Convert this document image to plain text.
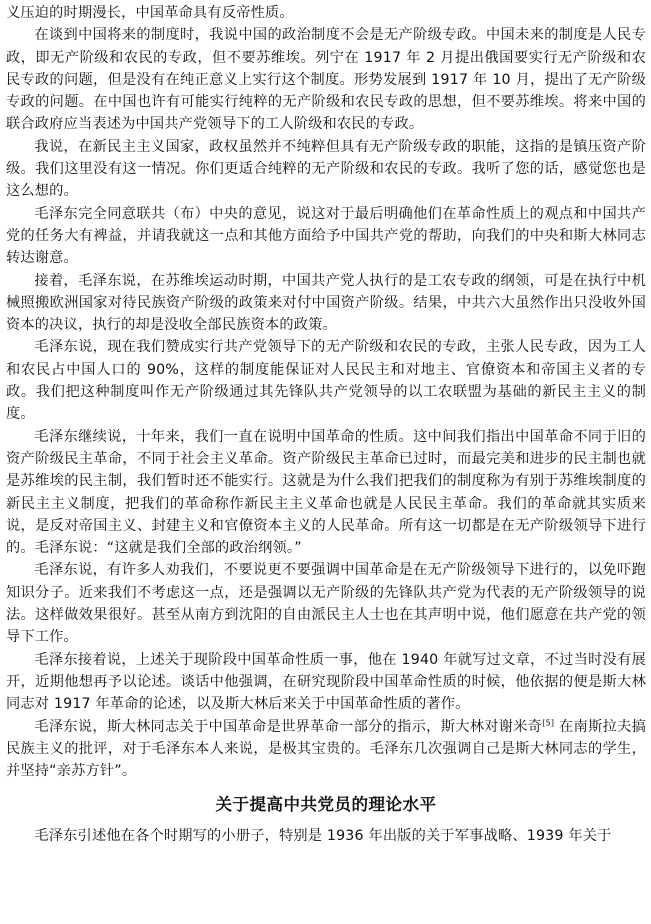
义压迫的时期漫长，中国革命具有反帝性质。

在谈到中国将来的制度时，我说中国的政治制度不会是无产阶级专政。中国未来的制度是人民专政，即无产阶级和农民的专政，但不要苏维埃。列宁在 1917 年 2 月提出俄国要实行无产阶级和农民专政的问题，但是没有在纯正意义上实行这个制度。形势发展到 1917 年 10 月，提出了无产阶级专政的问题。在中国也许有可能实行纯粹的无产阶级和农民专政的思想，但不要苏维埃。将来中国的联合政府应当表述为中国共产党领导下的工人阶级和农民的专政。

我说，在新民主主义国家，政权虽然并不纯粹但具有无产阶级专政的职能，这指的是镇压资产阶级。我们这里没有这一情况。你们更适合纯粹的无产阶级和农民的专政。我听了您的话，感觉您也是这么想的。

毛泽东完全同意联共（布）中央的意见，说这对于最后明确他们在革命性质上的观点和中国共产党的任务大有裨益，并请我就这一点和其他方面给予中国共产党的帮助，向我们的中央和斯大林同志转达谢意。

接着，毛泽东说，在苏维埃运动时期，中国共产党人执行的是工农专政的纲领，可是在执行中机械照搬欧洲国家对待民族资产阶级的政策来对付中国资产阶级。结果，中共六大虽然作出只没收外国资本的决议，执行的却是没收全部民族资本的政策。

毛泽东说，现在我们赞成实行共产党领导下的无产阶级和农民的专政，主张人民专政，因为工人和农民占中国人口的 90%，这样的制度能保证对人民民主和对地主、官僚资本和帝国主义者的专政。我们把这种制度叫作无产阶级通过其先锋队共产党领导的以工农联盟为基础的新民主主义的制度。

毛泽东继续说，十年来，我们一直在说明中国革命的性质。这中间我们指出中国革命不同于旧的资产阶级民主革命，不同于社会主义革命。资产阶级民主革命已过时，而最完美和进步的民主制也就是苏维埃的民主制，我们暂时还不能实行。这就是为什么我们把我们的制度称为有别于苏维埃制度的新民主主义制度，把我们的革命称作新民主主义革命也就是人民民主革命。我们的革命就其实质来说，是反对帝国主义、封建主义和官僚资本主义的人民革命。所有这一切都是在无产阶级领导下进行的。毛泽东说：“这就是我们全部的政治纲领。”

毛泽东说，有许多人劝我们，不要说更不要强调中国革命是在无产阶级领导下进行的，以免吓跑知识分子。近来我们不考虑这一点，还是强调以无产阶级的先锋队共产党为代表的无产阶级领导的说法。这样做效果很好。甚至从南方到沈阳的自由派民主人士也在其声明中说，他们愿意在共产党的领导下工作。

毛泽东接着说，上述关于现阶段中国革命性质一事，他在 1940 年就写过文章，不过当时没有展开，近期他想再予以论述。谈话中他强调，在研究现阶段中国革命性质的时候，他依据的便是斯大林同志对 1917 年革命的论述，以及斯大林后来关于中国革命性质的著作。

毛泽东说，斯大林同志关于中国革命是世界革命一部分的指示，斯大林对谢米奇[5] 在南斯拉夫搞民族主义的批评，对于毛泽东本人来说，是极其宝贵的。毛泽东几次强调自己是斯大林同志的学生，并坚持“亲苏方针”。

关于提高中共党员的理论水平

毛泽东引述他在各个时期写的小册子，特别是 1936 年出版的关于军事战略、1939 年关于
